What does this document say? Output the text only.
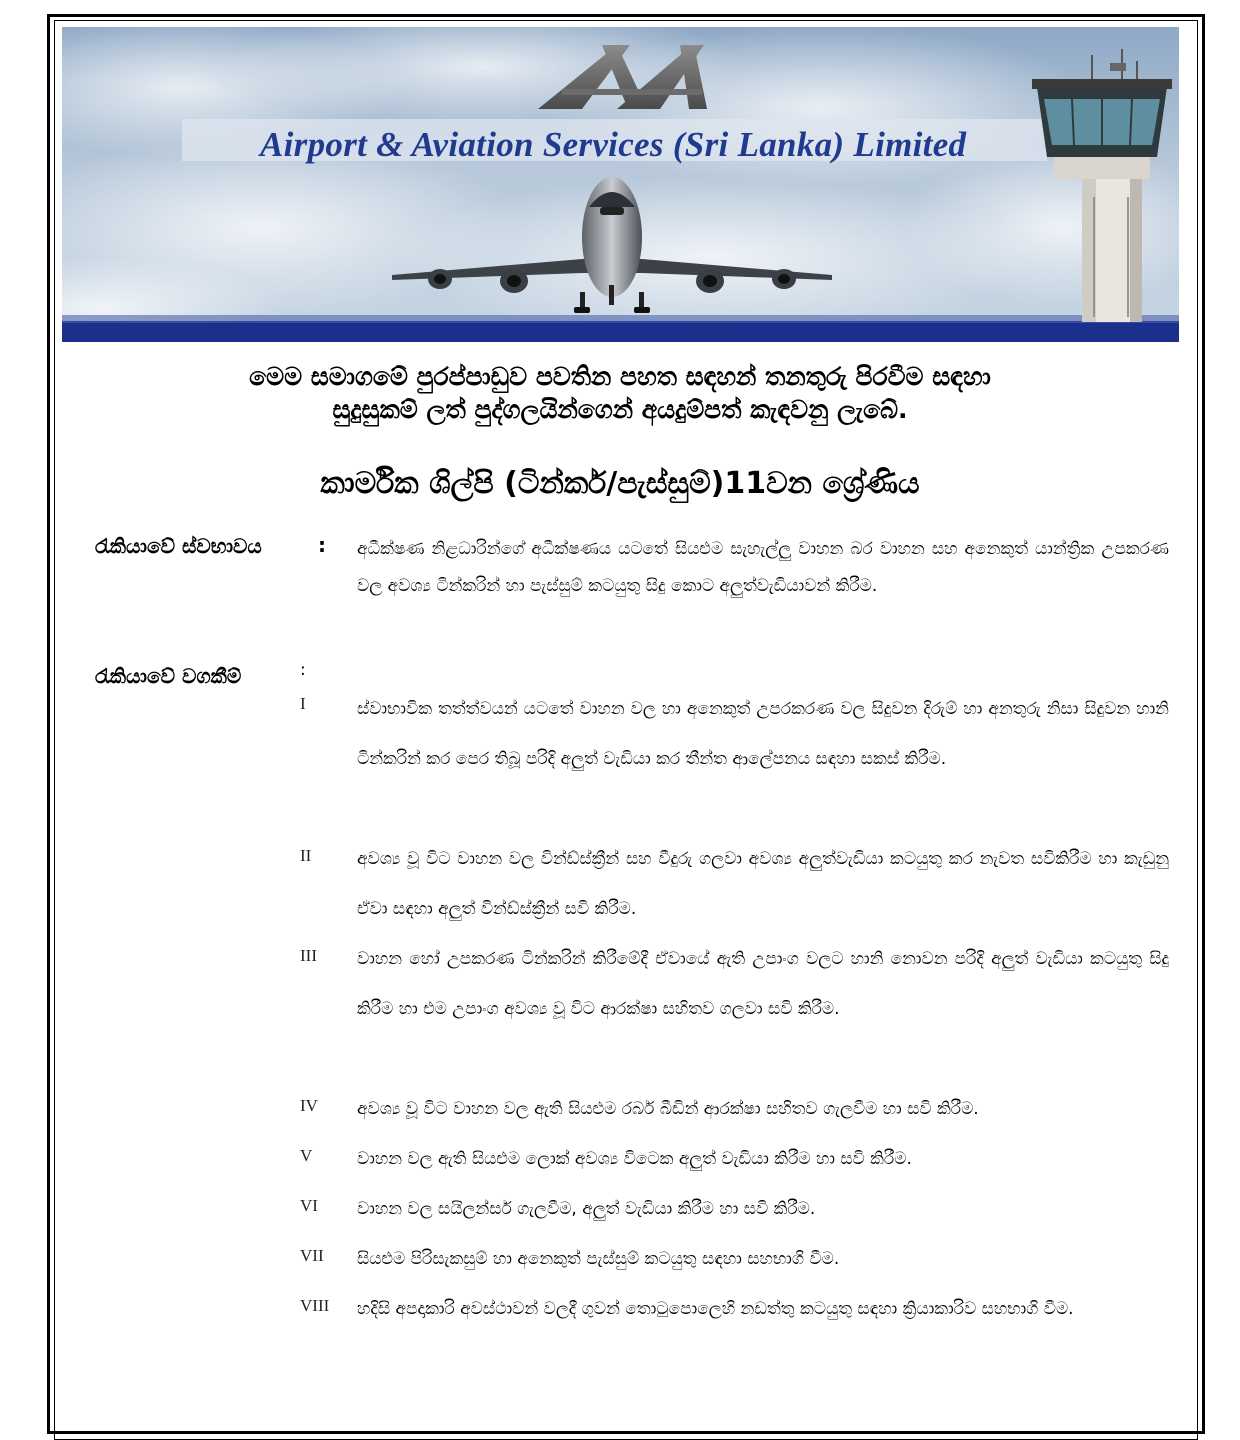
Airport & Aviation Services (Sri Lanka) Limited
මෙම සමාගමේ පුරප්පාඩුව පවතින පහත සඳහන් තනතුරු පිරවීම සඳහා
සුදුසුකම් ලත් පුද්ගලයින්ගෙන් අයදුම්පත් කැඳවනු ලැබේ.
කාර්මික ශිල්පි (ටින්කර්/පැස්සුම්)11වන ශ්‍රේණිය
රැකියාවේ ස්වභාවය	: අධීක්ෂණ නිළධාරින්ගේ අධීක්ෂණය යටතේ සියළුම සැහැල්ලු වාහන බර වාහන සහ අනෙකුත් යාන්ත්‍රික උපකරණ වල අවශ්‍ය ටින්කරින් හා පැස්සුම් කටයුතු සිදු කොට අලුත්වැඩියාවන් කිරීම.
රැකියාවේ වගකීම්	:
I	ස්වාභාවික තත්ත්වයන් යටතේ වාහන වල හා අනෙකුත් උපරකරණ වල සිදුවන දිරුම් හා අනතුරු නිසා සිදුවන හානි ටින්කරින් කර පෙර තිබූ පරිදි අලුත් වැඩියා කර තීන්ත ආලේපනය සඳහා සකස් කිරීම.
II	අවශ්‍ය වූ විට වාහන වල වින්ඩ්ස්ක්‍රීන් සහ වීදුරු ගලවා අවශ්‍ය අලුත්වැඩියා කටයුතු කර නැවත සවිකිරීම හා කැඩුනු ඒවා සඳහා අලුත් වින්ඩ්ස්ක්‍රීන් සවි කිරීම.
III වාහන හෝ උපකරණ ටින්කරින් කිරීමේදී ඒවායේ ඇති උපාංග වලට හානි නොවන පරිදි අලුත් වැඩියා කටයුතු සිදු කිරීම හා එම උපාංග අවශ්‍ය වූ විට ආරක්ෂා සහිතව ගලවා සවි කිරීම.
IV අවශ්‍ය වූ විට වාහන වල ඇති සියළුම රබර් බීඩින් ආරක්ෂා සහිතව ගැලවීම හා සවි කිරීම.
V	වාහන වල ඇති සියළුම ලොක් අවශ්‍ය විටෙක අලුත් වැඩියා කිරීම හා සවි කිරීම.
VI වාහන වල සයිලන්සර් ගැලවීම, අලුත් වැඩියා කිරීම හා සවි කිරීම.
VII සියළුම පිරිසැකසුම් හා අනෙකුත් පැස්සුම් කටයුතු සඳහා සහභාගි වීම.
VIII හදිසි අපදාකාරි අවස්ථාවන් වලදී ගුවන් තොටුපොලෙහි නඩත්තු කටයුතු සඳහා ක්‍රියාකාරිව සහභාගි වීම.
